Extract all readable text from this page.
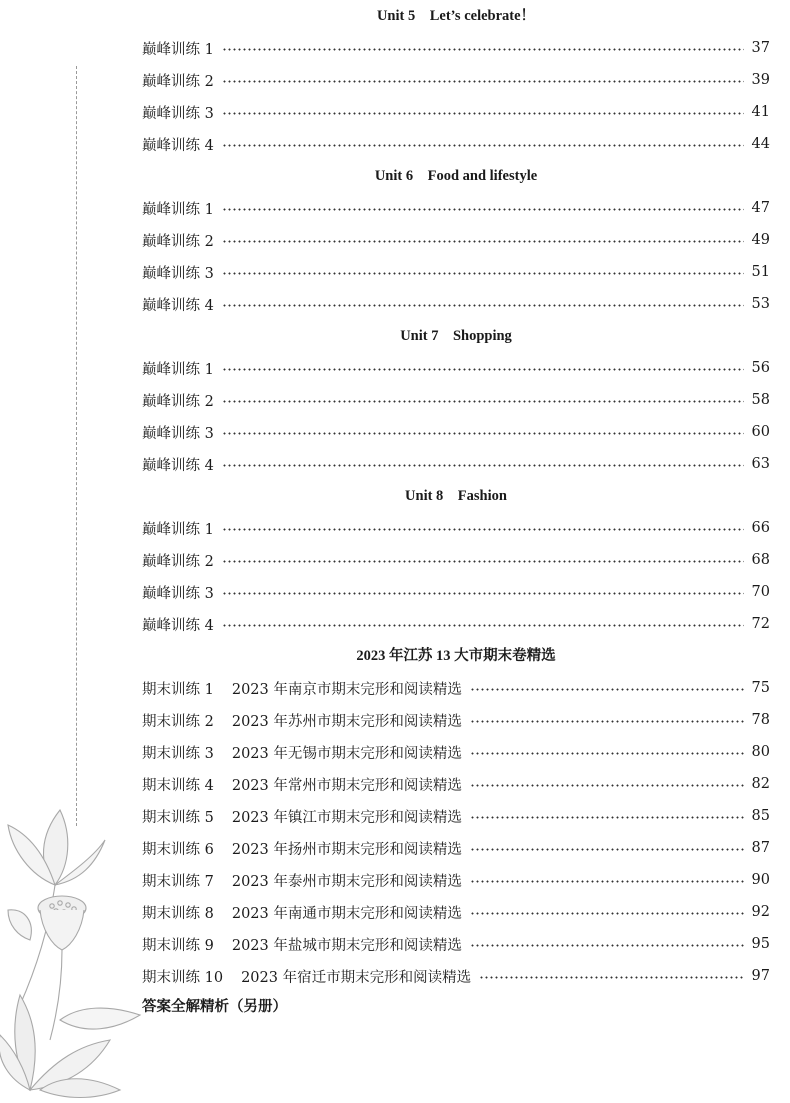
Unit 5 Let’s celebrate！
巅峰训练 1	37
巅峰训练 2	39
巅峰训练 3	41
巅峰训练 4	44
Unit 6 Food and lifestyle
巅峰训练 1	47
巅峰训练 2	49
巅峰训练 3	51
巅峰训练 4	53
Unit 7 Shopping
巅峰训练 1	56
巅峰训练 2	58
巅峰训练 3	60
巅峰训练 4	63
Unit 8 Fashion
巅峰训练 1	66
巅峰训练 2	68
巅峰训练 3	70
巅峰训练 4	72
2023 年江苏 13 大市期末卷精选
期末训练 1 2023 年南京市期末完形和阅读精选	75
期末训练 2 2023 年苏州市期末完形和阅读精选	78
期末训练 3 2023 年无锡市期末完形和阅读精选	80
期末训练 4 2023 年常州市期末完形和阅读精选	82
期末训练 5 2023 年镇江市期末完形和阅读精选	85
期末训练 6 2023 年扬州市期末完形和阅读精选	87
期末训练 7 2023 年泰州市期末完形和阅读精选	90
期末训练 8 2023 年南通市期末完形和阅读精选	92
期末训练 9 2023 年盐城市期末完形和阅读精选	95
期末训练 10 2023 年宿迁市期末完形和阅读精选	97
答案全解精析（另册）
